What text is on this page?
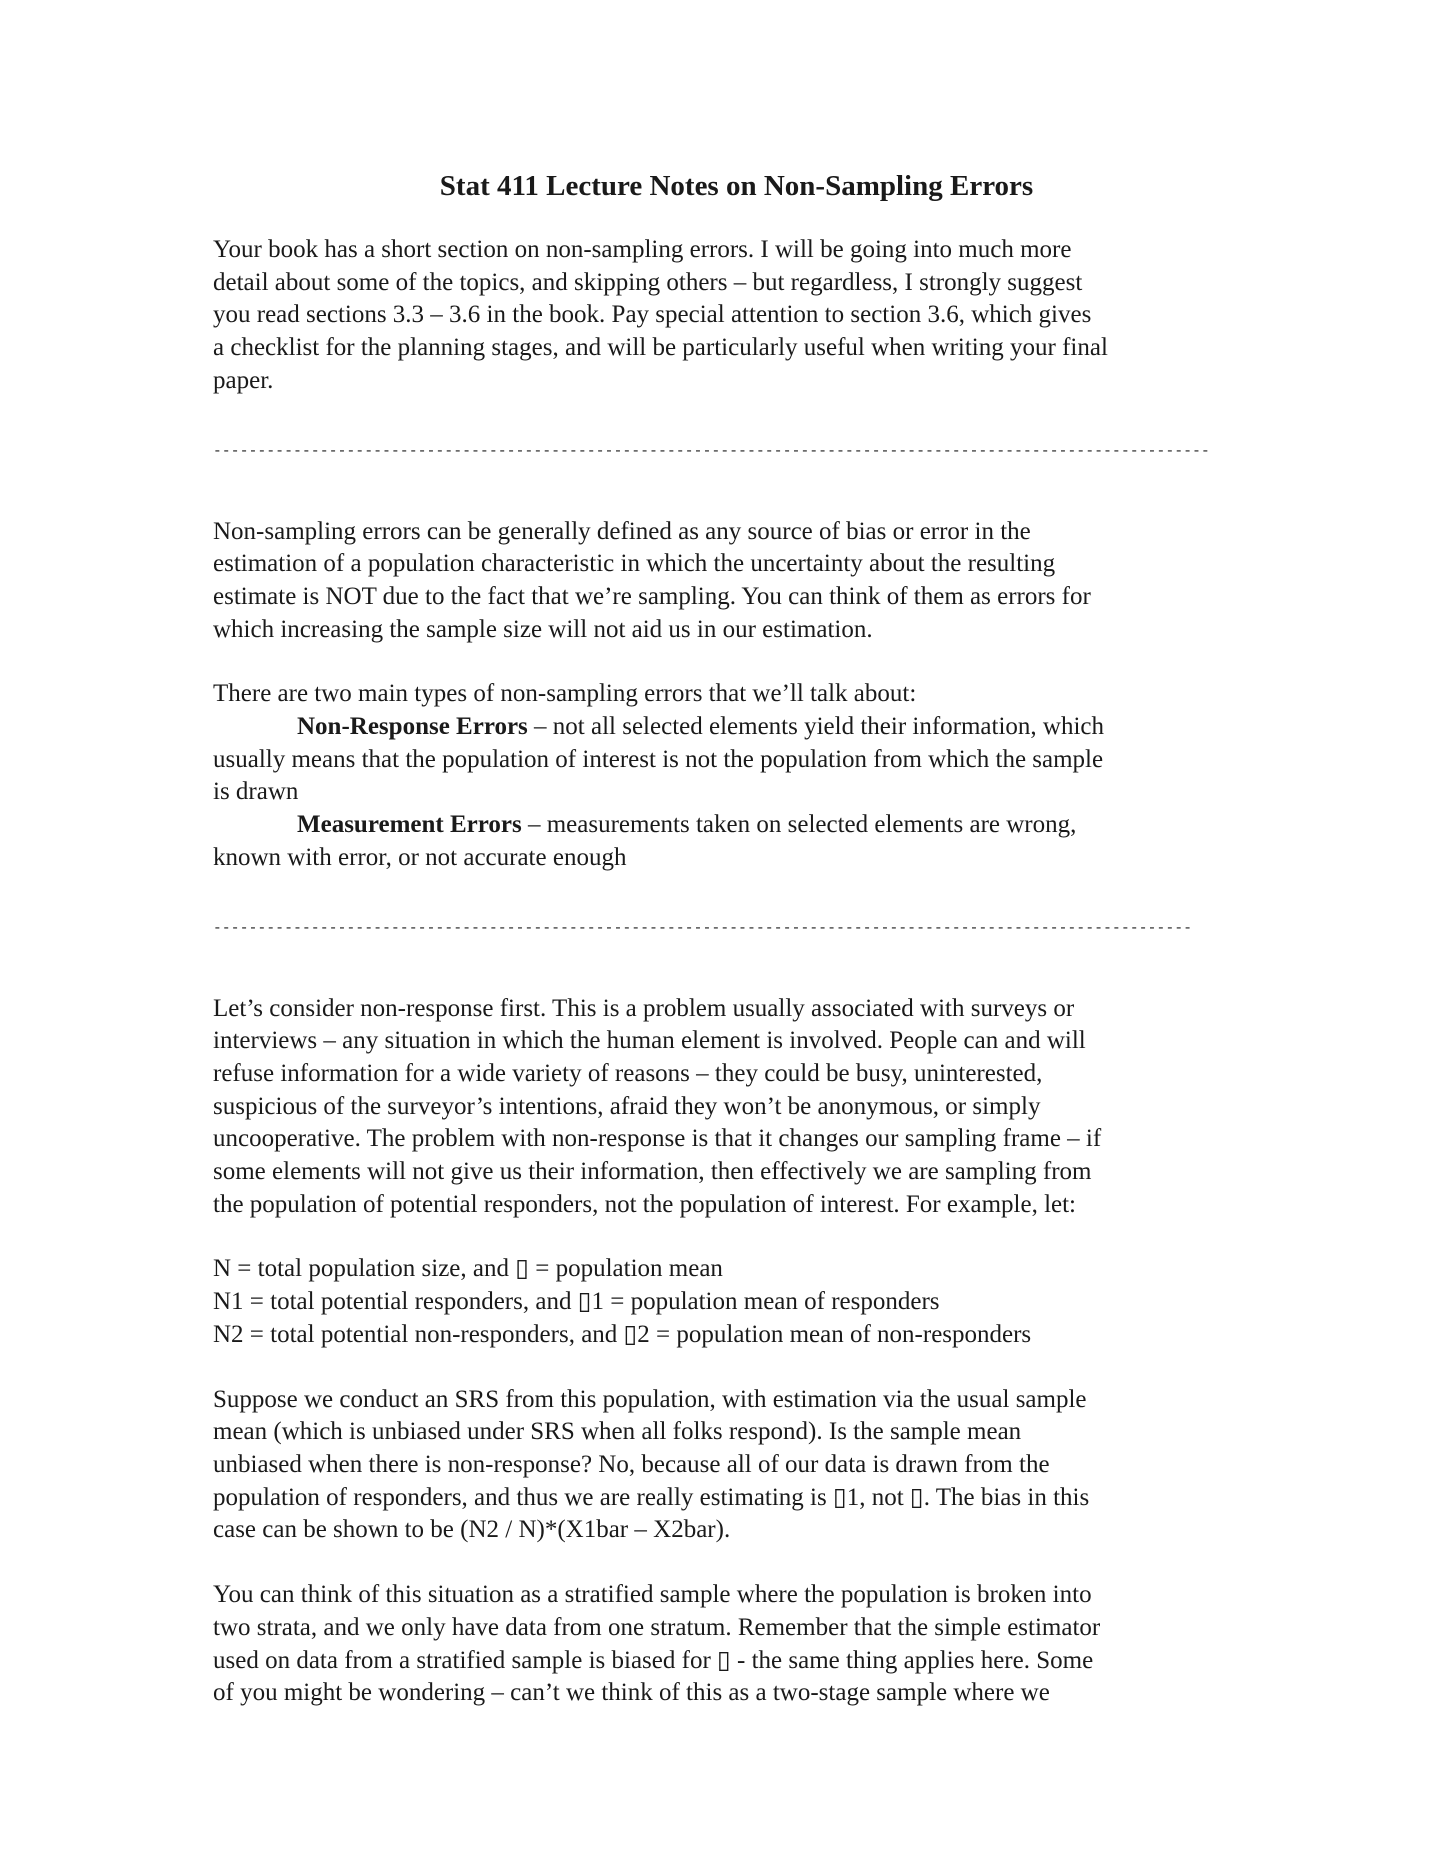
Stat 411 Lecture Notes on Non-Sampling Errors

Your book has a short section on non-sampling errors. I will be going into much more
detail about some of the topics, and skipping others – but regardless, I strongly suggest
you read sections 3.3 – 3.6 in the book. Pay special attention to section 3.6, which gives
a checklist for the planning stages, and will be particularly useful when writing your final
paper.

----------------------------------------------------------------------------------------------------------------

Non-sampling errors can be generally defined as any source of bias or error in the
estimation of a population characteristic in which the uncertainty about the resulting
estimate is NOT due to the fact that we’re sampling. You can think of them as errors for
which increasing the sample size will not aid us in our estimation.

There are two main types of non-sampling errors that we’ll talk about:

Non-Response Errors – not all selected elements yield their information, which

usually means that the population of interest is not the population from which the sample
is drawn

Measurement Errors – measurements taken on selected elements are wrong,

known with error, or not accurate enough

--------------------------------------------------------------------------------------------------------------

Let’s consider non-response first. This is a problem usually associated with surveys or
interviews – any situation in which the human element is involved. People can and will
refuse information for a wide variety of reasons – they could be busy, uninterested,
suspicious of the surveyor’s intentions, afraid they won’t be anonymous, or simply
uncooperative. The problem with non-response is that it changes our sampling frame – if
some elements will not give us their information, then effectively we are sampling from
the population of potential responders, not the population of interest. For example, let:

N = total population size, and ▯ = population mean

N1 = total potential responders, and ▯1 = population mean of responders

N2 = total potential non-responders, and ▯2 = population mean of non-responders

Suppose we conduct an SRS from this population, with estimation via the usual sample
mean (which is unbiased under SRS when all folks respond). Is the sample mean
unbiased when there is non-response? No, because all of our data is drawn from the
population of responders, and thus we are really estimating is ▯1, not ▯. The bias in this
case can be shown to be (N2 / N)*(X1bar – X2bar).

You can think of this situation as a stratified sample where the population is broken into
two strata, and we only have data from one stratum. Remember that the simple estimator
used on data from a stratified sample is biased for ▯ - the same thing applies here. Some
of you might be wondering – can’t we think of this as a two-stage sample where we
